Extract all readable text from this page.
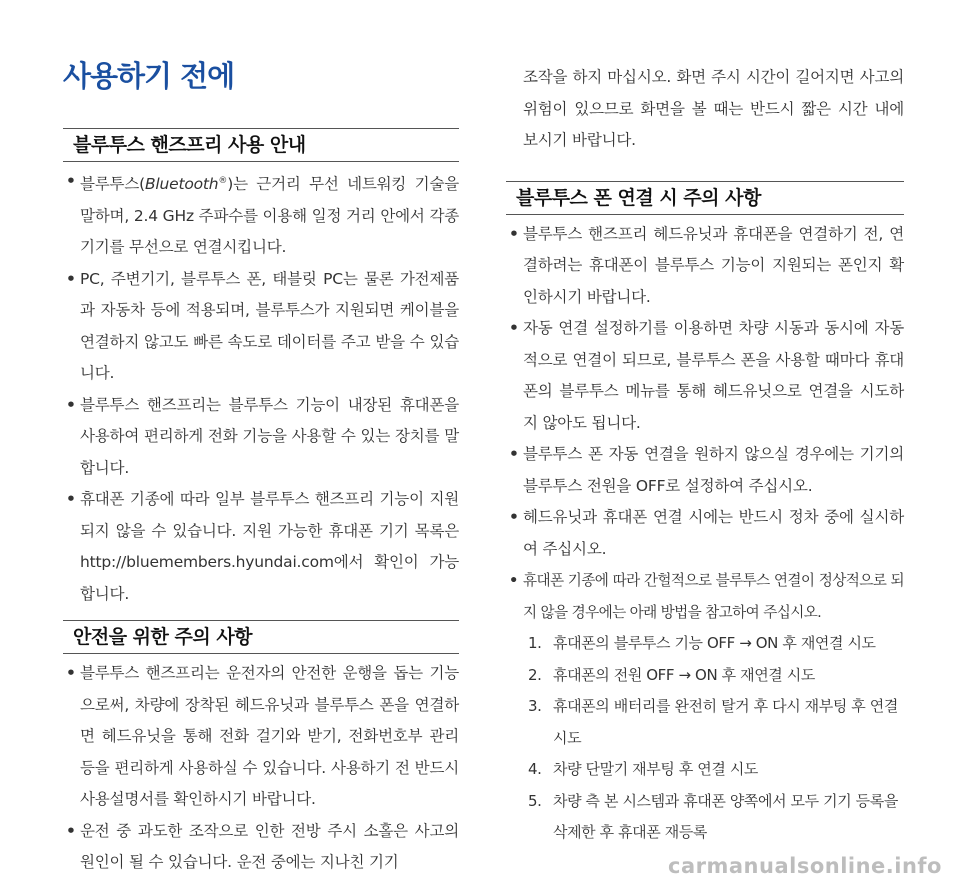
사용하기 전에
블루투스 핸즈프리 사용 안내
• 블루투스(Bluetooth®)는 근거리 무선 네트워킹 기술을 말하며, 2.4 GHz 주파수를 이용해 일정 거리 안에서 각종 기기를 무선으로 연결시킵니다.
• PC, 주변기기, 블루투스 폰, 태블릿 PC는 물론 가전제품과 자동차 등에 적용되며, 블루투스가 지원되면 케이블을 연결하지 않고도 빠른 속도로 데이터를 주고 받을 수 있습니다.
• 블루투스 핸즈프리는 블루투스 기능이 내장된 휴대폰을 사용하여 편리하게 전화 기능을 사용할 수 있는 장치를 말합니다.
• 휴대폰 기종에 따라 일부 블루투스 핸즈프리 기능이 지원되지 않을 수 있습니다. 지원 가능한 휴대폰 기기 목록은 http://bluemembers.hyundai.com에서 확인이 가능합니다.
안전을 위한 주의 사항
• 블루투스 핸즈프리는 운전자의 안전한 운행을 돕는 기능으로써, 차량에 장착된 헤드유닛과 블루투스 폰을 연결하면 헤드유닛을 통해 전화 걸기와 받기, 전화번호부 관리 등을 편리하게 사용하실 수 있습니다. 사용하기 전 반드시 사용설명서를 확인하시기 바랍니다.
• 운전 중 과도한 조작으로 인한 전방 주시 소홀은 사고의 원인이 될 수 있습니다. 운전 중에는 지나친 기기
조작을 하지 마십시오. 화면 주시 시간이 길어지면 사고의 위험이 있으므로 화면을 볼 때는 반드시 짧은 시간 내에 보시기 바랍니다.
블루투스 폰 연결 시 주의 사항
• 블루투스 핸즈프리 헤드유닛과 휴대폰을 연결하기 전, 연결하려는 휴대폰이 블루투스 기능이 지원되는 폰인지 확인하시기 바랍니다.
• 자동 연결 설정하기를 이용하면 차량 시동과 동시에 자동적으로 연결이 되므로, 블루투스 폰을 사용할 때마다 휴대폰의 블루투스 메뉴를 통해 헤드유닛으로 연결을 시도하지 않아도 됩니다.
• 블루투스 폰 자동 연결을 원하지 않으실 경우에는 기기의 블루투스 전원을 OFF로 설정하여 주십시오.
• 헤드유닛과 휴대폰 연결 시에는 반드시 정차 중에 실시하여 주십시오.
• 휴대폰 기종에 따라 간헐적으로 블루투스 연결이 정상적으로 되지 않을 경우에는 아래 방법을 참고하여 주십시오.
1. 휴대폰의 블루투스 기능 OFF → ON 후 재연결 시도
2. 휴대폰의 전원 OFF → ON 후 재연결 시도
3. 휴대폰의 배터리를 완전히 탈거 후 다시 재부팅 후 연결 시도
4. 차량 단말기 재부팅 후 연결 시도
5. 차량 측 본 시스템과 휴대폰 양쪽에서 모두 기기 등록을 삭제한 후 휴대폰 재등록
carmanualsonline.info
